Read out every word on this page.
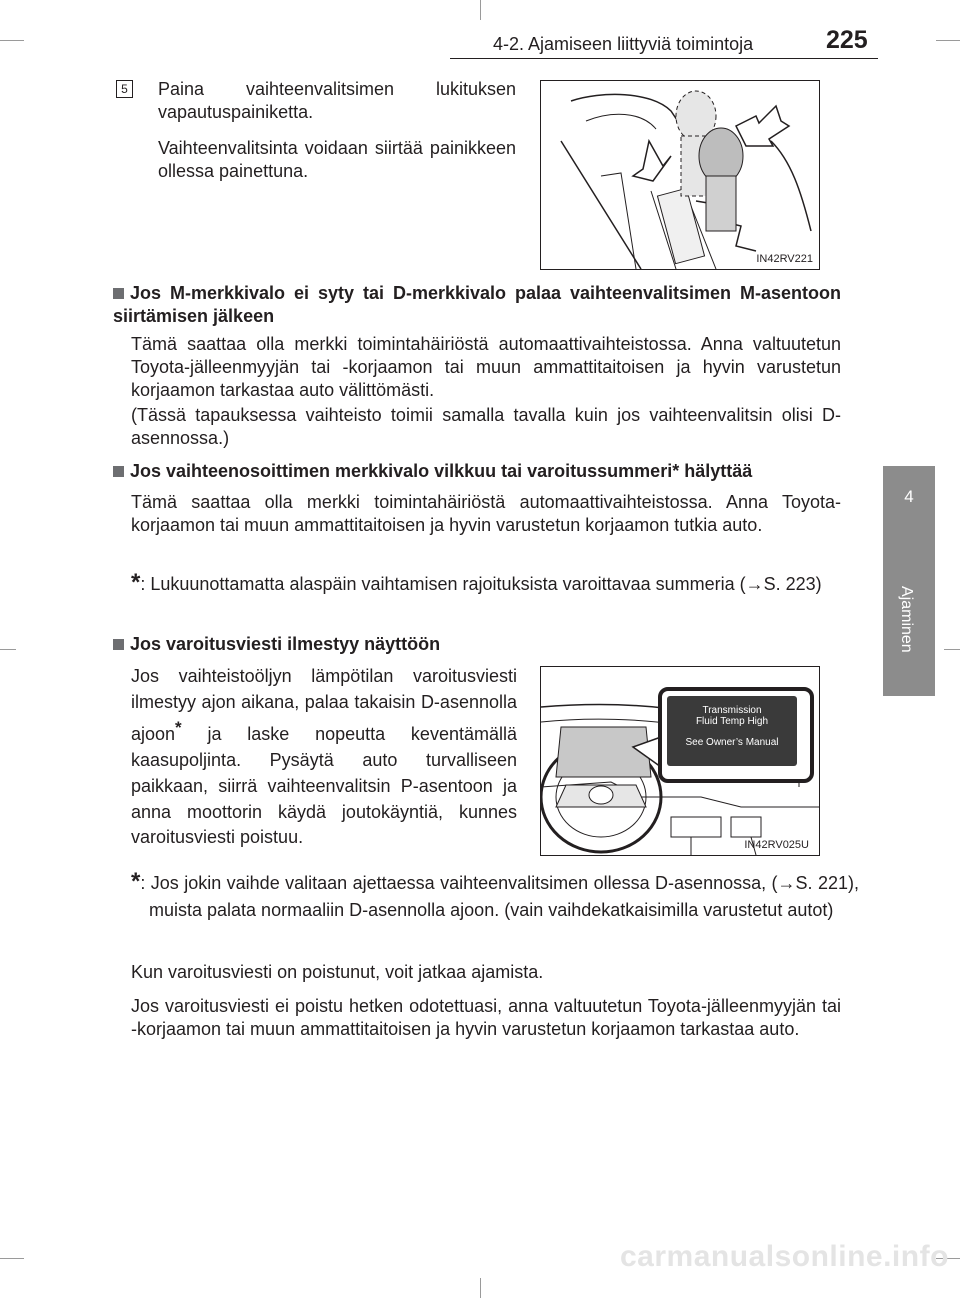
4-2. Ajamiseen liittyviä toimintoja	225
4
Ajaminen
5 Paina vaihteenvalitsimen lukituksen vapautuspainiketta.
Vaihteenvalitsinta voidaan siirtää painikkeen ollessa painettuna.
IN42RV221
Jos M-merkkivalo ei syty tai D-merkkivalo palaa vaihteenvalitsimen M-asentoon siirtämisen jälkeen
Tämä saattaa olla merkki toimintahäiriöstä automaattivaihteistossa. Anna valtuutetun Toyota-jälleenmyyjän tai -korjaamon tai muun ammattitaitoisen ja hyvin varustetun korjaamon tarkastaa auto välittömästi.
(Tässä tapauksessa vaihteisto toimii samalla tavalla kuin jos vaihteenvalitsin olisi D-asennossa.)
Jos vaihteenosoittimen merkkivalo vilkkuu tai varoitussummeri* hälyttää
Tämä saattaa olla merkki toimintahäiriöstä automaattivaihteistossa. Anna Toyota-korjaamon tai muun ammattitaitoisen ja hyvin varustetun korjaamon tutkia auto.
*: Lukuunottamatta alaspäin vaihtamisen rajoituksista varoittavaa summeria (→S. 223)
Jos varoitusviesti ilmestyy näyttöön
Jos vaihteistoöljyn lämpötilan varoitusviesti ilmestyy ajon aikana, palaa takaisin D-asennolla ajoon* ja laske nopeutta keventämällä kaasupoljinta. Pysäytä auto turvalliseen paikkaan, siirrä vaihteenvalitsin P-asentoon ja anna moottorin käydä joutokäyntiä, kunnes varoitusviesti poistuu.
Transmission
Fluid Temp High
See Owner’s Manual
IN42RV025U
*: Jos jokin vaihde valitaan ajettaessa vaihteenvalitsimen ollessa D-asennossa, (→S. 221), muista palata normaaliin D-asennolla ajoon. (vain vaihdekatkaisimilla varustetut autot)
Kun varoitusviesti on poistunut, voit jatkaa ajamista.
Jos varoitusviesti ei poistu hetken odotettuasi, anna valtuutetun Toyota-jälleenmyyjän tai -korjaamon tai muun ammattitaitoisen ja hyvin varustetun korjaamon tarkastaa auto.
carmanualsonline.info
